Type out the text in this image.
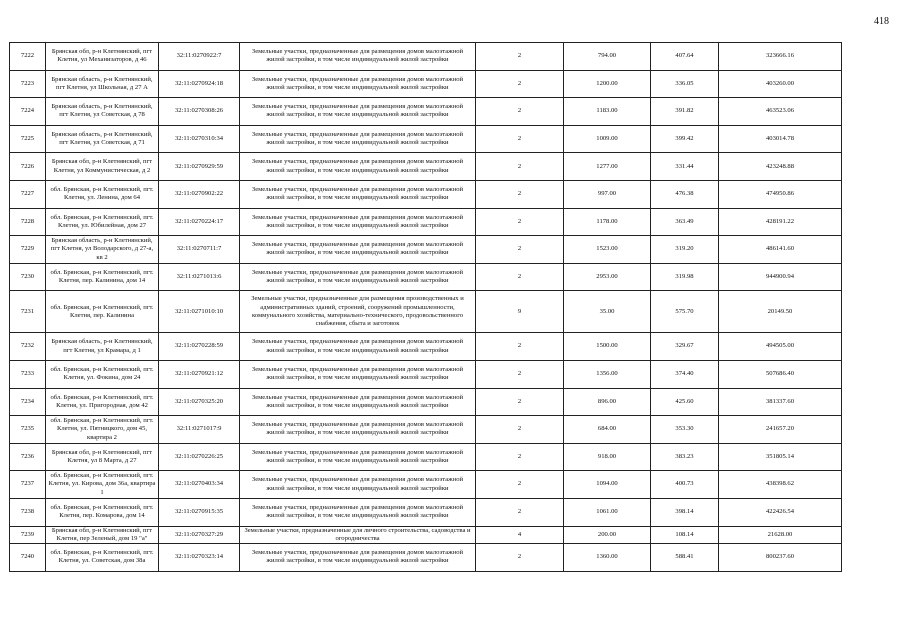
418
7222	Брянская обл, р-н Клетнянский, пгт Клетня, ул Механизаторов, д 46	32:11:0270922:7	Земельные участки, предназначенные для размещения домов малоэтажной жилой застройки, в том числе индивидуальной жилой застройки	2	794.00	407.64	323666.16
7223	Брянская область, р-н Клетнянский, пгт Клетня, ул Школьная, д 27 А	32:11:0270924:18	Земельные участки, предназначенные для размещения домов малоэтажной жилой застройки, в том числе индивидуальной жилой застройки	2	1200.00	336.05	403260.00
7224	Брянская область, р-н Клетнянский, пгт Клетня, ул Советская, д 78	32:11:0270308:26	Земельные участки, предназначенные для размещения домов малоэтажной жилой застройки, в том числе индивидуальной жилой застройки	2	1183.00	391.82	463523.06
7225	Брянская область, р-н Клетнянский, пгт Клетня, ул Советская, д 71	32:11:0270310:34	Земельные участки, предназначенные для размещения домов малоэтажной жилой застройки, в том числе индивидуальной жилой застройки	2	1009.00	399.42	403014.78
7226	Брянская обл, р-н Клетнянский, пгт Клетня, ул Коммунистическая, д 2	32:11:0270929:59	Земельные участки, предназначенные для размещения домов малоэтажной жилой застройки, в том числе индивидуальной жилой застройки	2	1277.00	331.44	423248.88
7227	обл. Брянская, р-н Клетнянский, пгт. Клетня, ул. Ленина, дом 64	32:11:0270902:22	Земельные участки, предназначенные для размещения домов малоэтажной жилой застройки, в том числе индивидуальной жилой застройки	2	997.00	476.38	474950.86
7228	обл. Брянская, р-н Клетнянский, пгт. Клетня, ул. Юбилейная, дом 27	32:11:0270224:17	Земельные участки, предназначенные для размещения домов малоэтажной жилой застройки, в том числе индивидуальной жилой застройки	2	1178.00	363.49	428191.22
7229	Брянская область, р-н Клетнянский, пгт Клетня, ул Володарского, д 27-а, кв 2	32:11:0270711:7	Земельные участки, предназначенные для размещения домов малоэтажной жилой застройки, в том числе индивидуальной жилой застройки	2	1523.00	319.20	486141.60
7230	обл. Брянская, р-н Клетнянский, пгт. Клетня, пер. Калинина, дом 14	32:11:0271013:6	Земельные участки, предназначенные для размещения домов малоэтажной жилой застройки, в том числе индивидуальной жилой застройки	2	2953.00	319.98	944900.94
7231	обл. Брянская, р-н Клетнянский, пгт. Клетня, пер. Калинина	32:11:0271010:10	Земельные участки, предназначенные для размещения производственных и административных зданий, строений, сооружений промышленности, коммунального хозяйства, материально-технического, продовольственного снабжения, сбыта и заготовок	9	35.00	575.70	20149.50
7232	Брянская область, р-н Клетнянский, пгт Клетня, ул Крамара, д 1	32:11:0270228:59	Земельные участки, предназначенные для размещения домов малоэтажной жилой застройки, в том числе индивидуальной жилой застройки	2	1500.00	329.67	494505.00
7233	обл. Брянская, р-н Клетнянский, пгт. Клетня, ул. Фокина, дом 24	32:11:0270921:12	Земельные участки, предназначенные для размещения домов малоэтажной жилой застройки, в том числе индивидуальной жилой застройки	2	1356.00	374.40	507686.40
7234	обл. Брянская, р-н Клетнянский, пгт. Клетня, ул. Пригородная, дом 42	32:11:0270325:20	Земельные участки, предназначенные для размещения домов малоэтажной жилой застройки, в том числе индивидуальной жилой застройки	2	896.00	425.60	381337.60
7235	обл. Брянская, р-н Клетнянский, пгт. Клетня, ул. Пятницкого, дом 45, квартира 2	32:11:0271017:9	Земельные участки, предназначенные для размещения домов малоэтажной жилой застройки, в том числе индивидуальной жилой застройки	2	684.00	353.30	241657.20
7236	Брянская обл, р-н Клетнянский, пгт Клетня, ул 8 Марта, д 27	32:11:0270226:25	Земельные участки, предназначенные для размещения домов малоэтажной жилой застройки, в том числе индивидуальной жилой застройки	2	918.00	383.23	351805.14
7237	обл. Брянская, р-н Клетнянский, пгт. Клетня, ул. Кирова, дом 36а, квартира 1	32:11:0270403:34	Земельные участки, предназначенные для размещения домов малоэтажной жилой застройки, в том числе индивидуальной жилой застройки	2	1094.00	400.73	438398.62
7238	обл. Брянская, р-н Клетнянский, пгт. Клетня, пер. Комарова, дом 14	32:11:0270915:35	Земельные участки, предназначенные для размещения домов малоэтажной жилой застройки, в том числе индивидуальной жилой застройки	2	1061.00	398.14	422426.54
7239	Брянская обл, р-н Клетнянский, пгт Клетня, пер Зеленый, дом 19 "а"	32:11:0270327:29	Земельные участки, предназначенные для личного строительства, садоводства и огородничества	4	200.00	108.14	21628.00
7240	обл. Брянская, р-н Клетнянский, пгт. Клетня, ул. Советская, дом 38а	32:11:0270323:14	Земельные участки, предназначенные для размещения домов малоэтажной жилой застройки, в том числе индивидуальной жилой застройки	2	1360.00	588.41	800237.60
